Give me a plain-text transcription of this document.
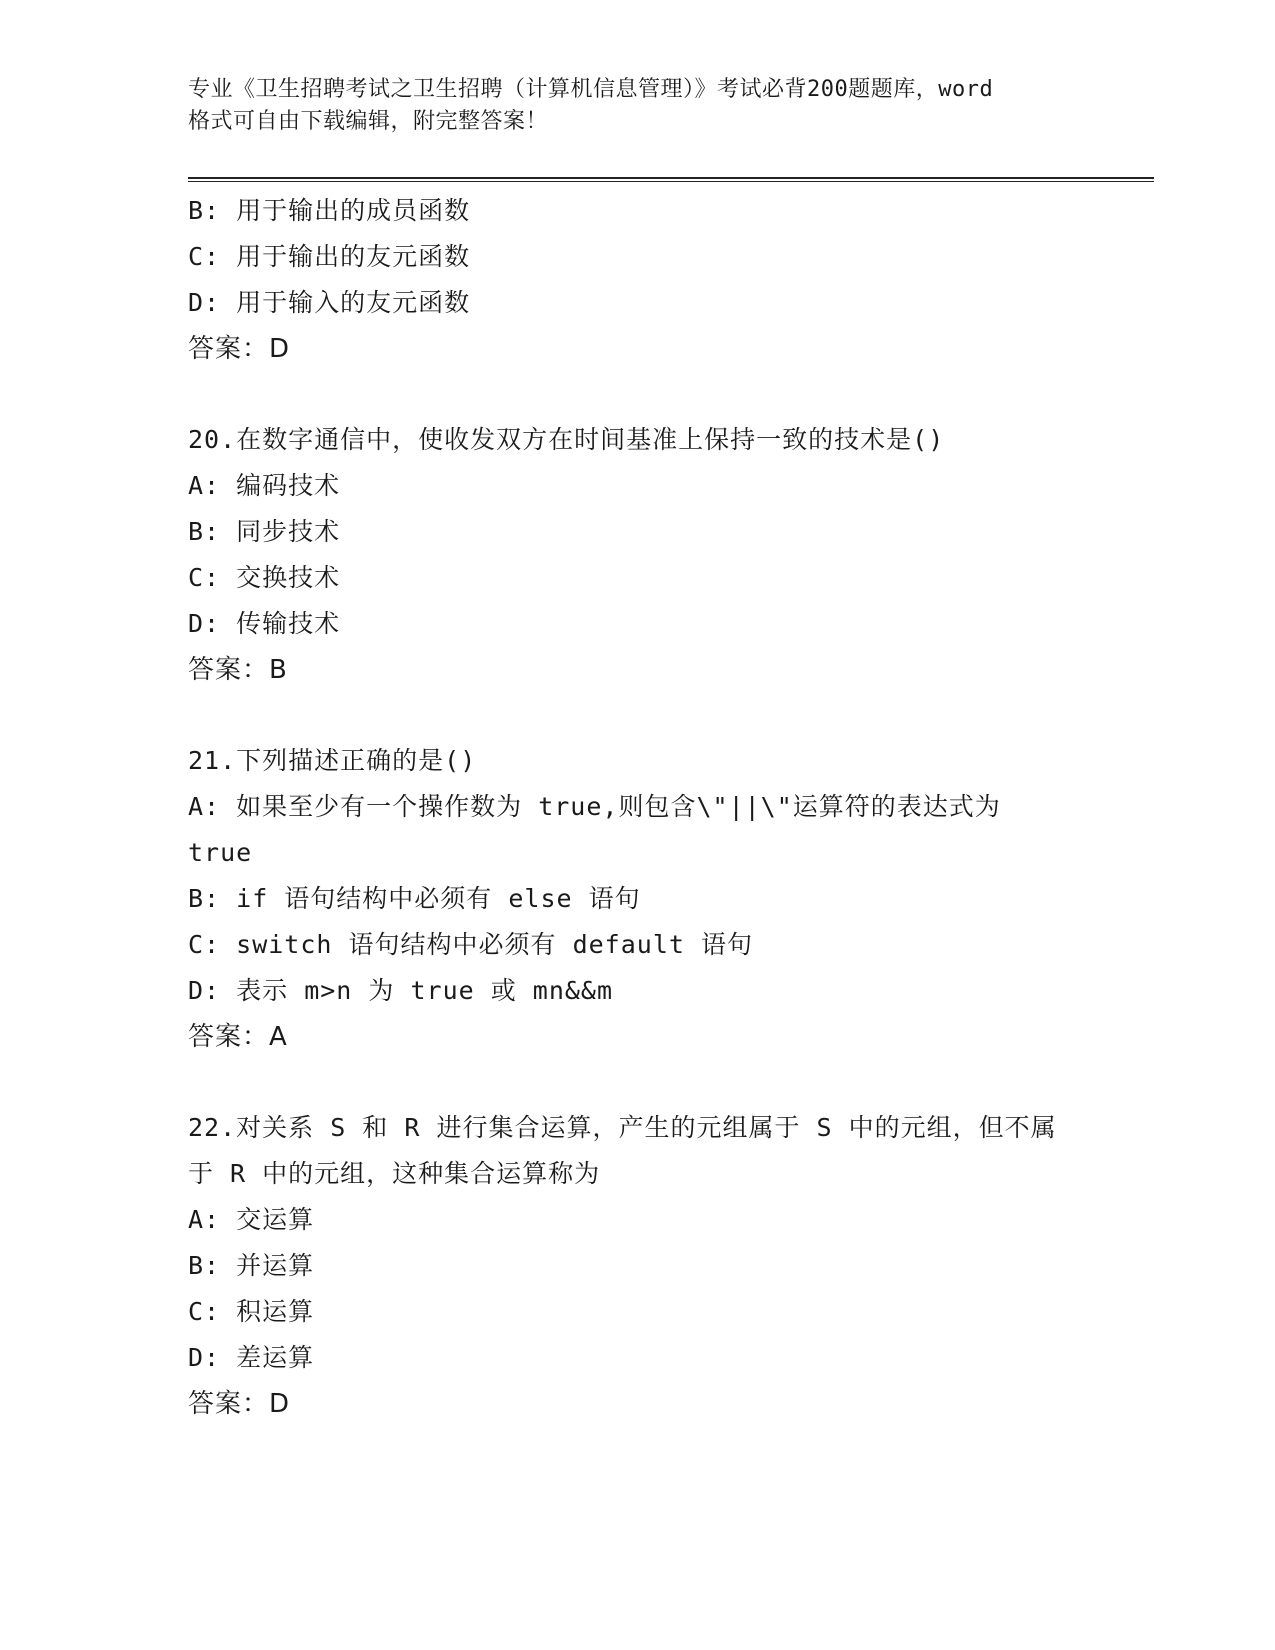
专业《卫生招聘考试之卫生招聘（计算机信息管理）》考试必背200题题库，word
格式可自由下载编辑，附完整答案！
B: 用于输出的成员函数
C: 用于输出的友元函数
D: 用于输入的友元函数
答案：D
20.在数字通信中，使收发双方在时间基准上保持一致的技术是()
A: 编码技术
B: 同步技术
C: 交换技术
D: 传输技术
答案：B
21.下列描述正确的是()
A: 如果至少有一个操作数为 true,则包含\"||\"运算符的表达式为
true
B: if 语句结构中必须有 else 语句
C: switch 语句结构中必须有 default 语句
D: 表示 m>n 为 true 或 mn&&m
答案：A
22.对关系 S 和 R 进行集合运算，产生的元组属于 S 中的元组，但不属
于 R 中的元组，这种集合运算称为
A: 交运算
B: 并运算
C: 积运算
D: 差运算
答案：D
